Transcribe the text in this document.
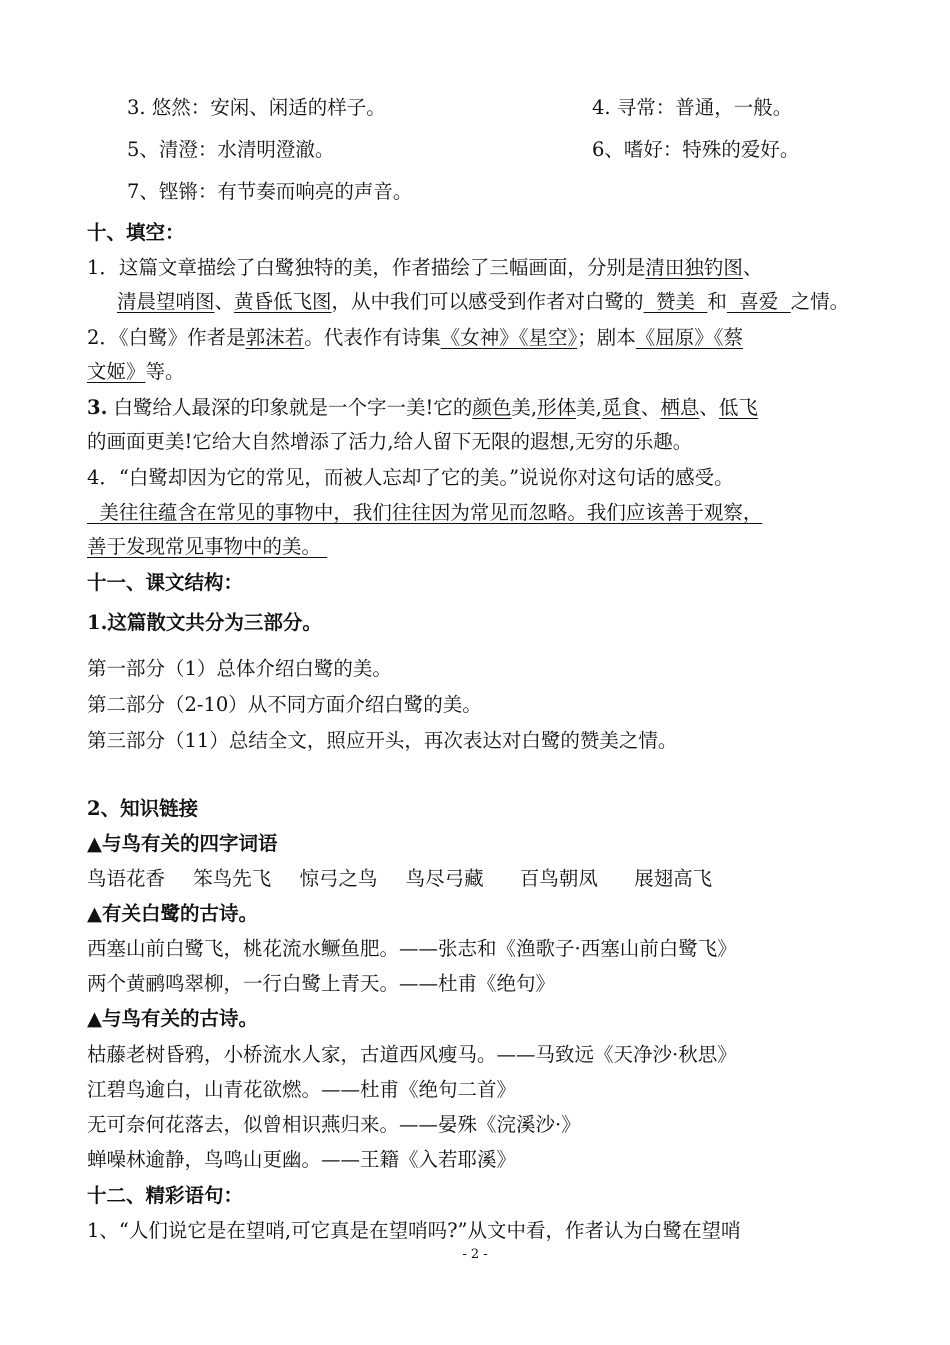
3. 悠然：安闲、闲适的样子。	4. 寻常：普通，一般。
5、清澄：水清明澄澈。	6、嗜好：特殊的爱好。
7、铿锵：有节奏而响亮的声音。
十、填空：
1．这篇文章描绘了白鹭独特的美，作者描绘了三幅画面，分别是清田独钓图、
清晨望哨图、黄昏低飞图，从中我们可以感受到作者对白鹭的  赞美  和  喜爱  之情。
2．《白鹭》作者是郭沫若。代表作有诗集《女神》《星空》；剧本《屈原》《蔡
文姬》等。
3. 白鹭给人最深的印象就是一个字一美!它的颜色美,形体美,觅食、栖息、低飞
的画面更美!它给大自然增添了活力,给人留下无限的遐想,无穷的乐趣。
4．“白鹭却因为它的常见，而被人忘却了它的美。”说说你对这句话的感受。
美往往蕴含在常见的事物中，我们往往因为常见而忽略。我们应该善于观察，
善于发现常见事物中的美。
十一、课文结构：
1.这篇散文共分为三部分。
第一部分（1）总体介绍白鹭的美。
第二部分（2-10）从不同方面介绍白鹭的美。
第三部分（11）总结全文，照应开头，再次表达对白鹭的赞美之情。
2、知识链接
▲与鸟有关的四字词语
鸟语花香 笨鸟先飞 惊弓之鸟 鸟尽弓藏 百鸟朝凤 展翅高飞
▲有关白鹭的古诗。
西塞山前白鹭飞，桃花流水鳜鱼肥。——张志和《渔歌子·西塞山前白鹭飞》
两个黄鹂鸣翠柳，一行白鹭上青天。——杜甫《绝句》
▲与鸟有关的古诗。
枯藤老树昏鸦，小桥流水人家，古道西风瘦马。——马致远《天净沙·秋思》
江碧鸟逾白，山青花欲燃。——杜甫《绝句二首》
无可奈何花落去，似曾相识燕归来。——晏殊《浣溪沙·》
蝉噪林逾静，鸟鸣山更幽。——王籍《入若耶溪》
十二、精彩语句：
1、“人们说它是在望哨,可它真是在望哨吗?”从文中看，作者认为白鹭在望哨
- 2 -
